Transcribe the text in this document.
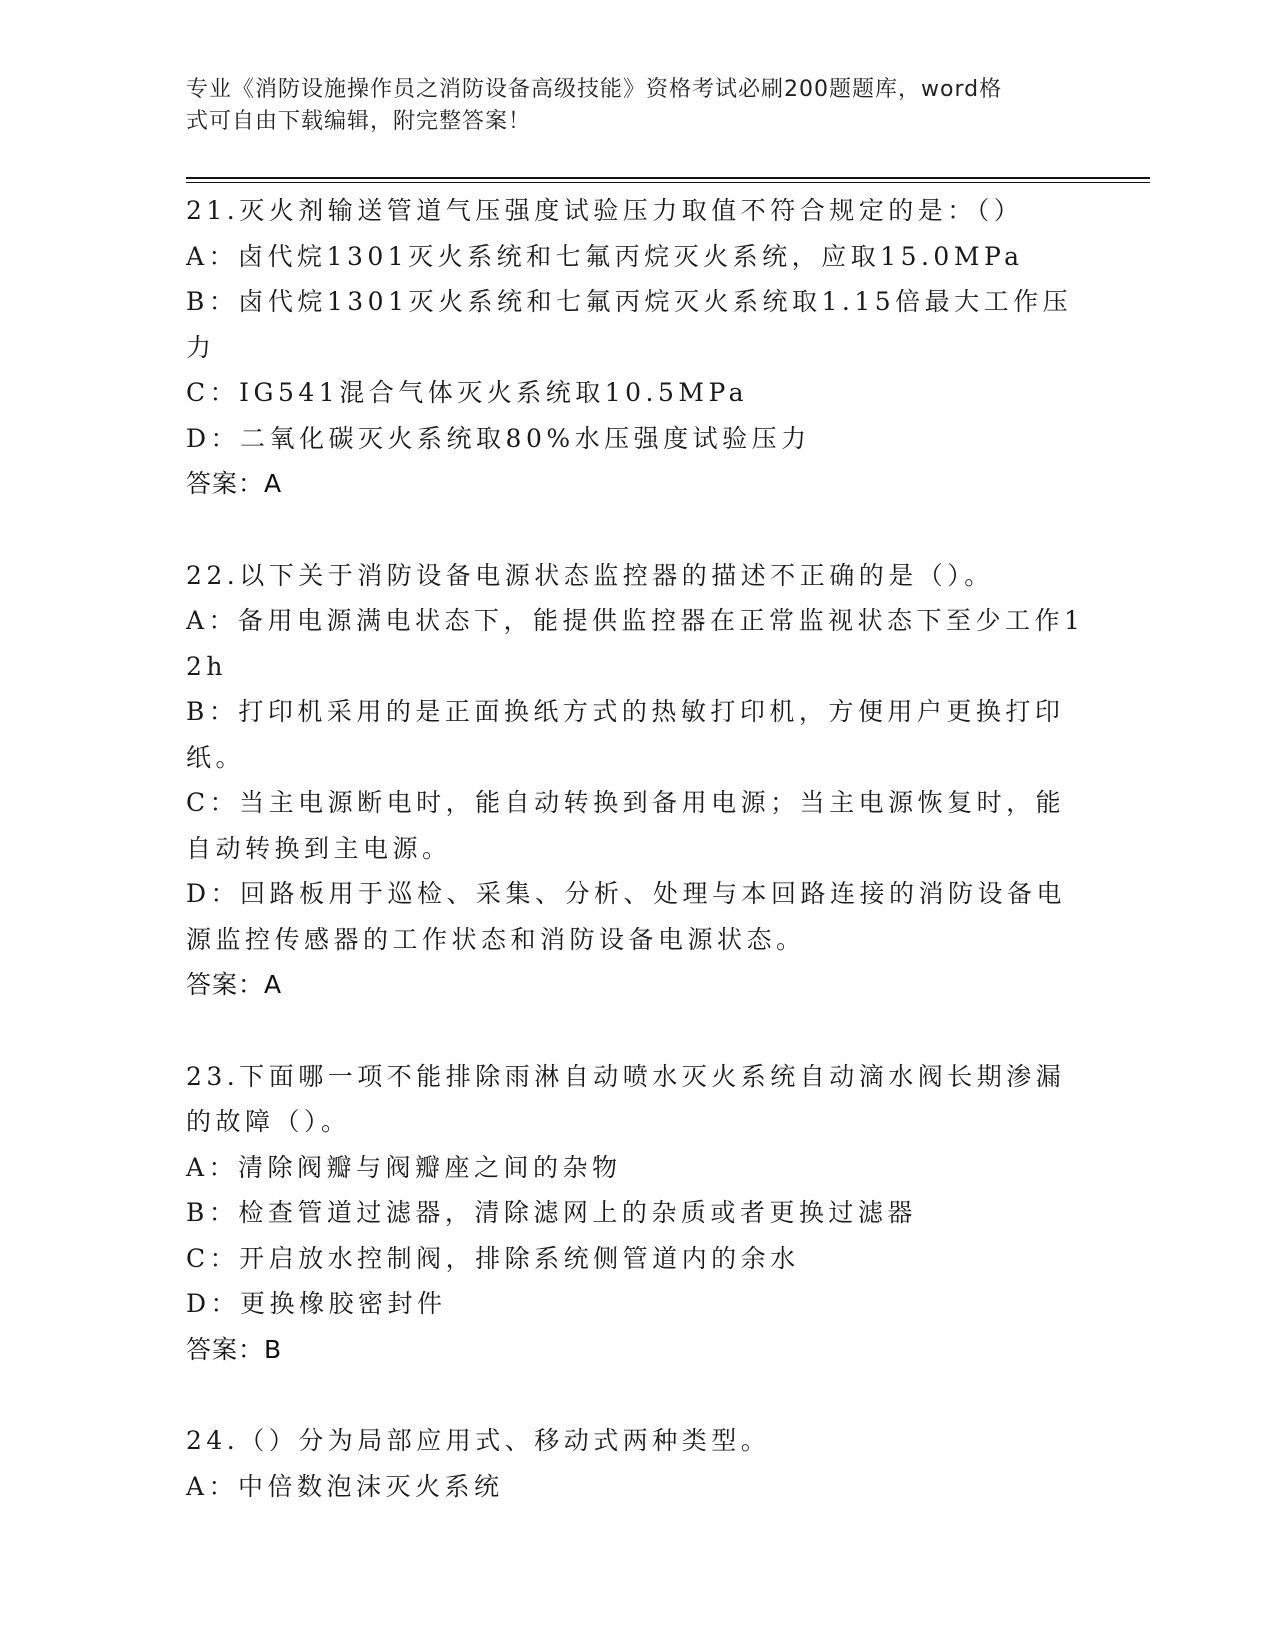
专业《消防设施操作员之消防设备高级技能》资格考试必刷200题题库，word格
式可自由下载编辑，附完整答案！
21.灭火剂输送管道气压强度试验压力取值不符合规定的是：（）
A：卤代烷1301灭火系统和七氟丙烷灭火系统，应取15.0MPa
B：卤代烷1301灭火系统和七氟丙烷灭火系统取1.15倍最大工作压力
C：IG541混合气体灭火系统取10.5MPa
D：二氧化碳灭火系统取80%水压强度试验压力
答案：A
22.以下关于消防设备电源状态监控器的描述不正确的是（）。
A：备用电源满电状态下，能提供监控器在正常监视状态下至少工作12h
B：打印机采用的是正面换纸方式的热敏打印机，方便用户更换打印纸。
C：当主电源断电时，能自动转换到备用电源；当主电源恢复时，能自动转换到主电源。
D：回路板用于巡检、采集、分析、处理与本回路连接的消防设备电源监控传感器的工作状态和消防设备电源状态。
答案：A
23.下面哪一项不能排除雨淋自动喷水灭火系统自动滴水阀长期渗漏的故障（）。
A：清除阀瓣与阀瓣座之间的杂物
B：检查管道过滤器，清除滤网上的杂质或者更换过滤器
C：开启放水控制阀，排除系统侧管道内的余水
D：更换橡胶密封件
答案：B
24.（）分为局部应用式、移动式两种类型。
A：中倍数泡沫灭火系统
